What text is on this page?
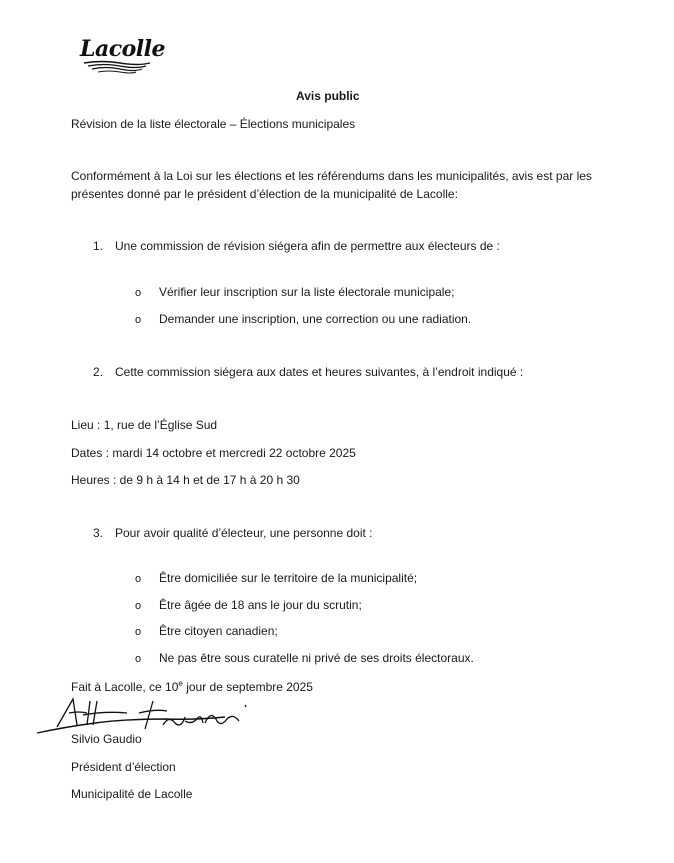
Lacolle
Avis public
Révision de la liste électorale – Élections municipales
Conformément à la Loi sur les élections et les référendums dans les municipalités, avis est par les
présentes donné par le président d’élection de la municipalité de Lacolle:
1. Une commission de révision siégera afin de permettre aux électeurs de :
o Vérifier leur inscription sur la liste électorale municipale;
o Demander une inscription, une correction ou une radiation.
2. Cette commission siégera aux dates et heures suivantes, à l’endroit indiqué :
Lieu : 1, rue de l’Église Sud
Dates : mardi 14 octobre et mercredi 22 octobre 2025
Heures : de 9 h à 14 h et de 17 h à 20 h 30
3. Pour avoir qualité d’électeur, une personne doit :
o Être domiciliée sur le territoire de la municipalité;
o Être âgée de 18 ans le jour du scrutin;
o Être citoyen canadien;
o Ne pas être sous curatelle ni privé de ses droits électoraux.
Fait à Lacolle, ce 10e jour de septembre 2025
Silvio Gaudio
Président d’élection
Municipalité de Lacolle
